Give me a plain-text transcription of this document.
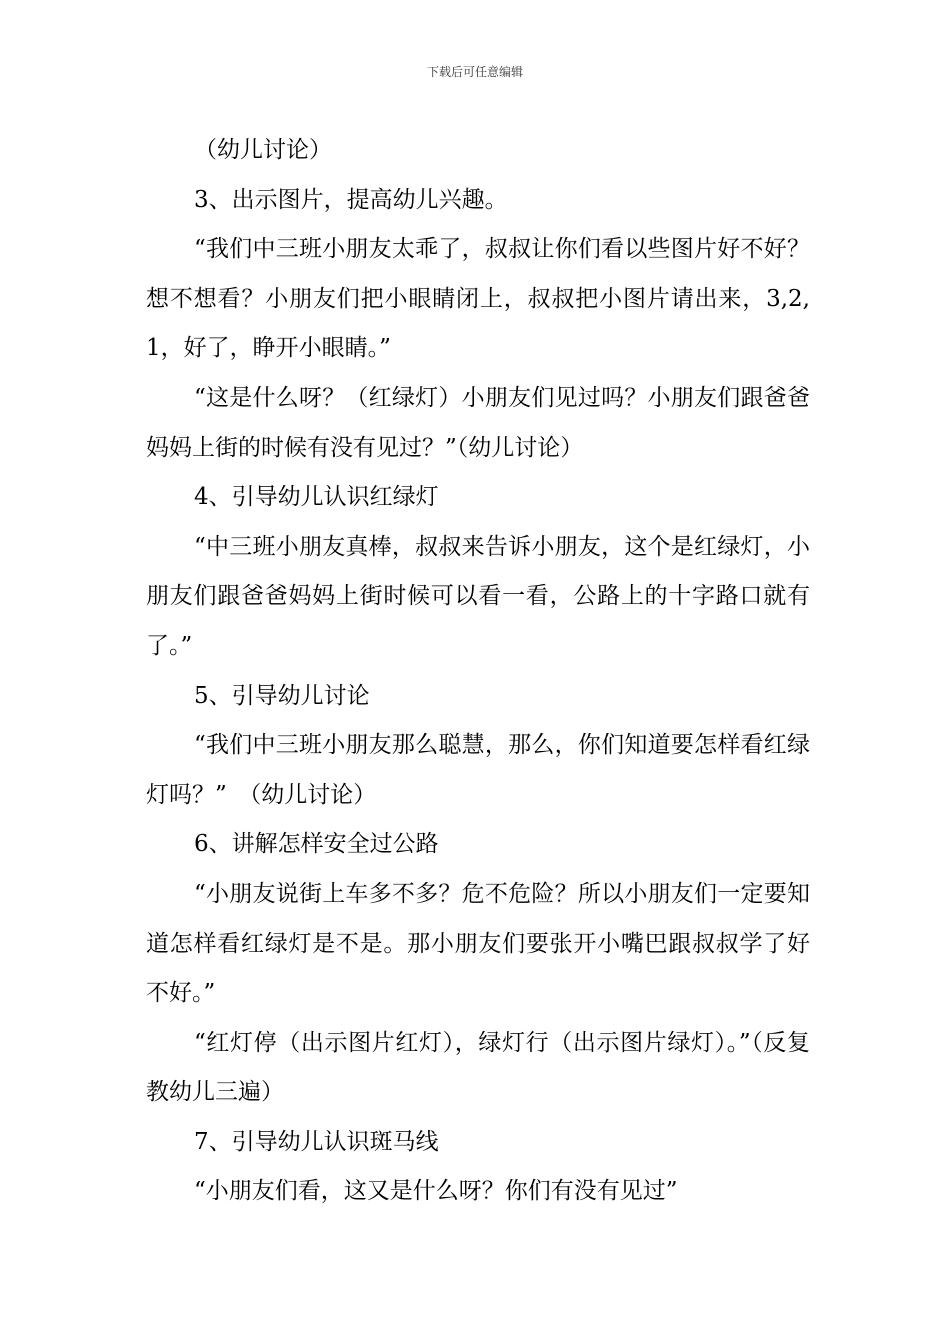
下载后可任意编辑

（幼儿讨论）

3、出示图片，提高幼儿兴趣。

“我们中三班小朋友太乖了，叔叔让你们看以些图片好不好？想不想看？小朋友们把小眼睛闭上，叔叔把小图片请出来，3,2,1，好了，睁开小眼睛。”

“这是什么呀？（红绿灯）小朋友们见过吗？小朋友们跟爸爸妈妈上街的时候有没有见过？”（幼儿讨论）

4、引导幼儿认识红绿灯

“中三班小朋友真棒，叔叔来告诉小朋友，这个是红绿灯，小朋友们跟爸爸妈妈上街时候可以看一看，公路上的十字路口就有了。”

5、引导幼儿讨论

“我们中三班小朋友那么聪慧，那么，你们知道要怎样看红绿灯吗？”　（幼儿讨论）

6、讲解怎样安全过公路

“小朋友说街上车多不多？危不危险？所以小朋友们一定要知道怎样看红绿灯是不是。那小朋友们要张开小嘴巴跟叔叔学了好不好。”

“红灯停（出示图片红灯），绿灯行（出示图片绿灯）。”（反复教幼儿三遍）

7、引导幼儿认识斑马线

“小朋友们看，这又是什么呀？你们有没有见过”
